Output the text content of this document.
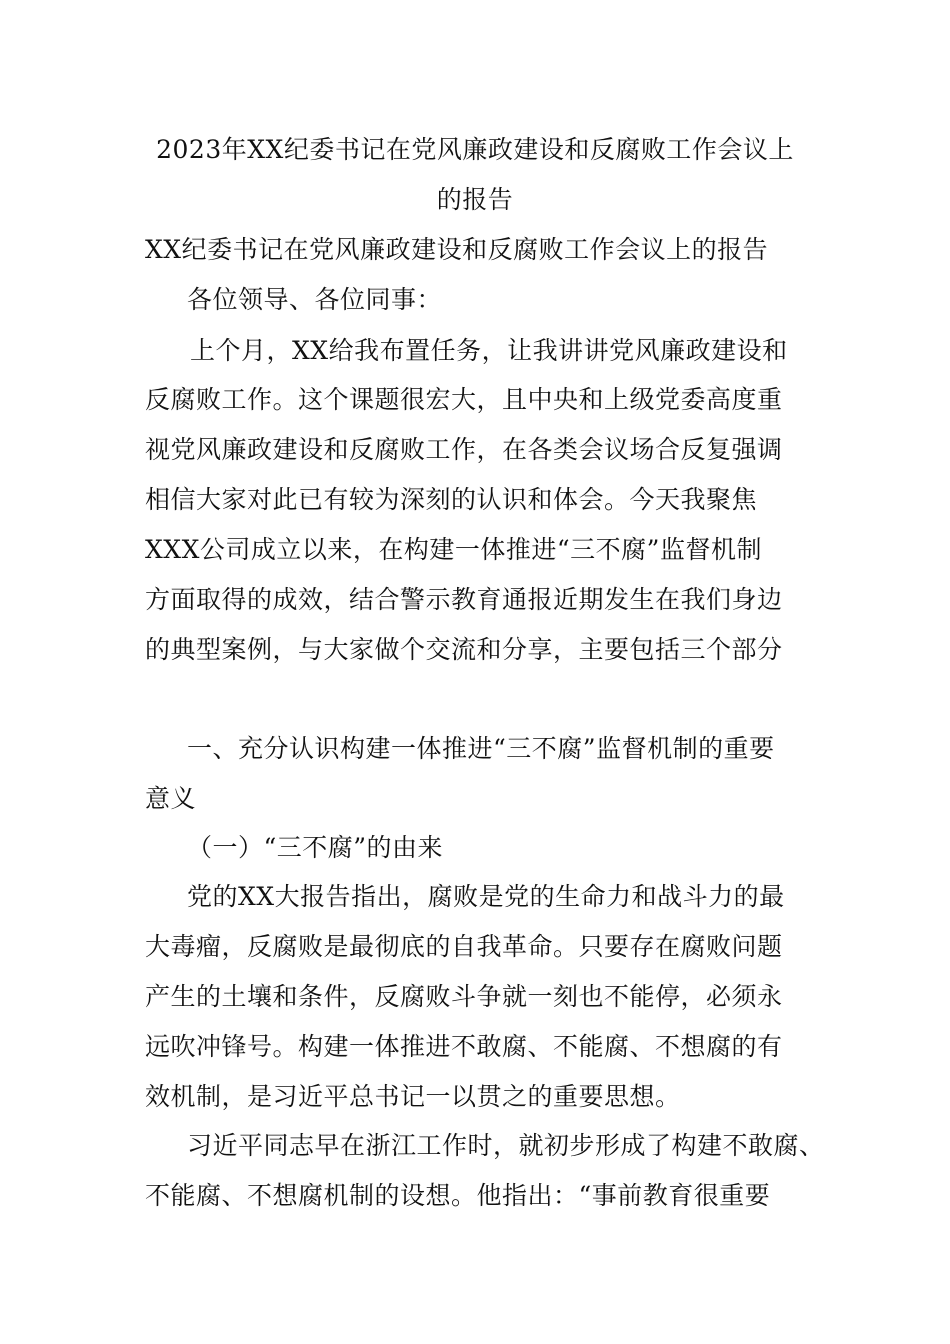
2023年XX纪委书记在党风廉政建设和反腐败工作会议上
的报告
XX纪委书记在党风廉政建设和反腐败工作会议上的报告
各位领导、各位同事：
上个月，XX给我布置任务，让我讲讲党风廉政建设和
反腐败工作。这个课题很宏大，且中央和上级党委高度重
视党风廉政建设和反腐败工作，在各类会议场合反复强调
相信大家对此已有较为深刻的认识和体会。今天我聚焦
XXX公司成立以来，在构建一体推进“三不腐”监督机制
方面取得的成效，结合警示教育通报近期发生在我们身边
的典型案例，与大家做个交流和分享，主要包括三个部分
一、充分认识构建一体推进“三不腐”监督机制的重要
意义
（一）“三不腐”的由来
党的XX大报告指出，腐败是党的生命力和战斗力的最
大毒瘤，反腐败是最彻底的自我革命。只要存在腐败问题
产生的土壤和条件，反腐败斗争就一刻也不能停，必须永
远吹冲锋号。构建一体推进不敢腐、不能腐、不想腐的有
效机制，是习近平总书记一以贯之的重要思想。
习近平同志早在浙江工作时，就初步形成了构建不敢腐、
不能腐、不想腐机制的设想。他指出：“事前教育很重要
